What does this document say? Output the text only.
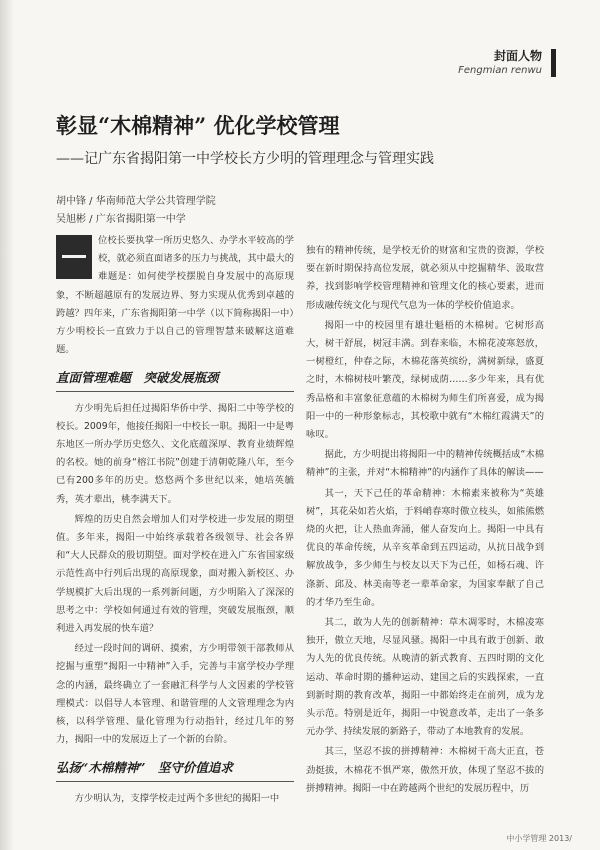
封面人物
Fengmian renwu
彰显“木棉精神” 优化学校管理
——记广东省揭阳第一中学校长方少明的管理理念与管理实践
胡中锋 / 华南师范大学公共管理学院
吴旭彬 / 广东省揭阳第一中学
位校长要执掌一所历史悠久、办学水平较高的学校，就必须直面诸多的压力与挑战，其中最大的难题是：如何使学校摆脱自身发展中的高原现象，不断超越原有的发展边界、努力实现从优秀到卓越的跨越？四年来，广东省揭阳第一中学（以下简称揭阳一中）方少明校长一直致力于以自己的管理智慧来破解这道难题。
直面管理难题　突破发展瓶颈

方少明先后担任过揭阳华侨中学、揭阳二中等学校的校长。2009年，他接任揭阳一中校长一职。揭阳一中是粤东地区一所办学历史悠久、文化底蕴深厚、教育业绩辉煌的名校。她的前身“榕江书院”创建于清朝乾隆八年，至今已有200多年的历史。悠悠两个多世纪以来，她培英毓秀，英才辈出，桃李满天下。

辉煌的历史自然会增加人们对学校进一步发展的期望值。多年来，揭阳一中始终承载着各级领导、社会各界和“大人民群众的殷切期望。面对学校在进入广东省国家级示范性高中行列后出现的高原现象，面对搬入新校区、办学规模扩大后出现的一系列新问题，方少明陷入了深深的思考之中：学校如何通过有效的管理，突破发展瓶颈，顺利进入再发展的快车道？

经过一段时间的调研、摸索，方少明带领干部教师从挖掘与重塑“揭阳一中精神”入手，完善与丰富学校办学理念的内涵，最终确立了一套融汇科学与人文因素的学校管理模式：以倡导人本管理、和谐管理的人文管理理念为内核，以科学管理、量化管理为行动指针，经过几年的努力，揭阳一中的发展迈上了一个新的台阶。

弘扬“木棉精神”　坚守价值追求

方少明认为，支撑学校走过两个多世纪的揭阳一中

独有的精神传统，是学校无价的财富和宝贵的资源，学校要在新时期保持高位发展，就必须从中挖掘精华、汲取营养，找到影响学校管理精神和管理文化的核心要素，进而形成融传统文化与现代气息为一体的学校价值追求。

揭阳一中的校园里有雄壮魁梧的木棉树。它树形高大，树干舒展，树冠丰满。到春来临，木棉花凌寒怒放，一树橙红，仲春之际，木棉花落英缤纷，满树新绿，盛夏之时，木棉树枝叶繁茂，绿树成荫……多少年来，具有优秀品格和丰富象征意蕴的木棉树为师生们所喜爱，成为揭阳一中的一种形象标志，其校歌中就有“木棉红霞满天”的咏叹。

据此，方少明提出将揭阳一中的精神传统概括成“木棉精神”的主张，并对“木棉精神”的内涵作了具体的解读——

其一，天下己任的革命精神：木棉素来被称为“英雄树”，其花朵如若火焰，于料峭春寒时傲立枝头，如熊熊燃烧的火把，让人热血奔涌，催人奋发向上。揭阳一中具有优良的革命传统，从辛亥革命到五四运动，从抗日战争到解放战争，多少师生与校友以天下为己任，如杨石魂、许涤新、邱及、林美南等老一辈革命家，为国家奉献了自己的才华乃至生命。

其二，敢为人先的创新精神：草木凋零时，木棉凌寒独开，傲立天地，尽显风骚。揭阳一中具有敢于创新、敢为人先的优良传统。从晚清的新式教育、五四时期的文化运动、革命时期的播种运动、建国之后的实践探索，一直到新时期的教育改革，揭阳一中都始终走在前列，成为龙头示范。特别是近年，揭阳一中锐意改革，走出了一条多元办学、持续发展的新路子，带动了本地教育的发展。

其三，坚忍不拔的拼搏精神：木棉树干高大正直，苍劲挺拔，木棉花不惧严寒，傲然开放，体现了坚忍不拔的拼搏精神。揭阳一中在跨越两个世纪的发展历程中，历

中小学管理 2013/
